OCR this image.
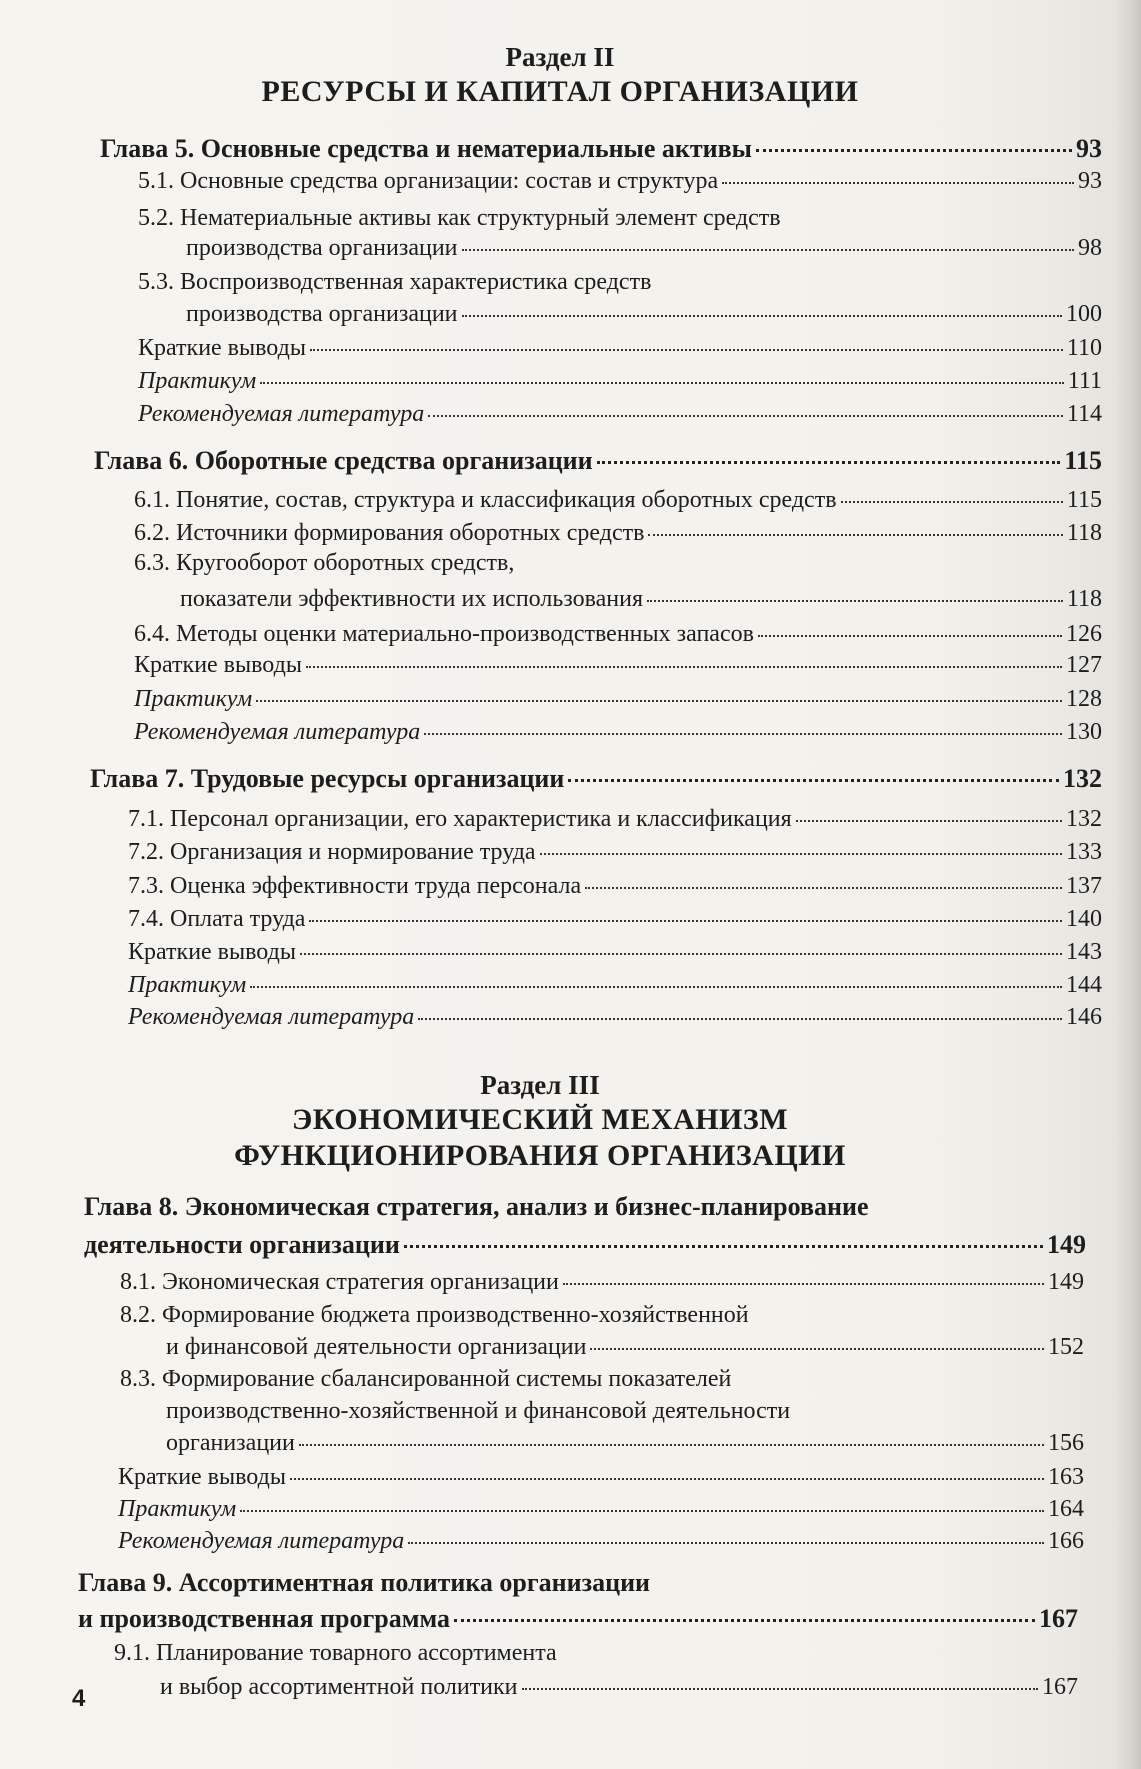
Раздел II
РЕСУРСЫ И КАПИТАЛ ОРГАНИЗАЦИИ
Глава 5. Основные средства и нематериальные активы	93
5.1. Основные средства организации: состав и структура	93
5.2. Нематериальные активы как структурный элемент средств
производства организации	98
5.3. Воспроизводственная характеристика средств
производства организации	100
Краткие выводы	110
Практикум	111
Рекомендуемая литература	114
Глава 6. Оборотные средства организации	115
6.1. Понятие, состав, структура и классификация оборотных средств	115
6.2. Источники формирования оборотных средств	118
6.3. Кругооборот оборотных средств,
показатели эффективности их использования	118
6.4. Методы оценки материально-производственных запасов	126
Краткие выводы	127
Практикум	128
Рекомендуемая литература	130
Глава 7. Трудовые ресурсы организации	132
7.1. Персонал организации, его характеристика и классификация	132
7.2. Организация и нормирование труда	133
7.3. Оценка эффективности труда персонала	137
7.4. Оплата труда	140
Краткие выводы	143
Практикум	144
Рекомендуемая литература	146
Раздел III
ЭКОНОМИЧЕСКИЙ МЕХАНИЗМ
ФУНКЦИОНИРОВАНИЯ ОРГАНИЗАЦИИ
Глава 8. Экономическая стратегия, анализ и бизнес-планирование
деятельности организации	149
8.1. Экономическая стратегия организации	149
8.2. Формирование бюджета производственно-хозяйственной
и финансовой деятельности организации	152
8.3. Формирование сбалансированной системы показателей
производственно-хозяйственной и финансовой деятельности
организации	156
Краткие выводы	163
Практикум	164
Рекомендуемая литература	166
Глава 9. Ассортиментная политика организации
и производственная программа	167
9.1. Планирование товарного ассортимента
и выбор ассортиментной политики	167
4
